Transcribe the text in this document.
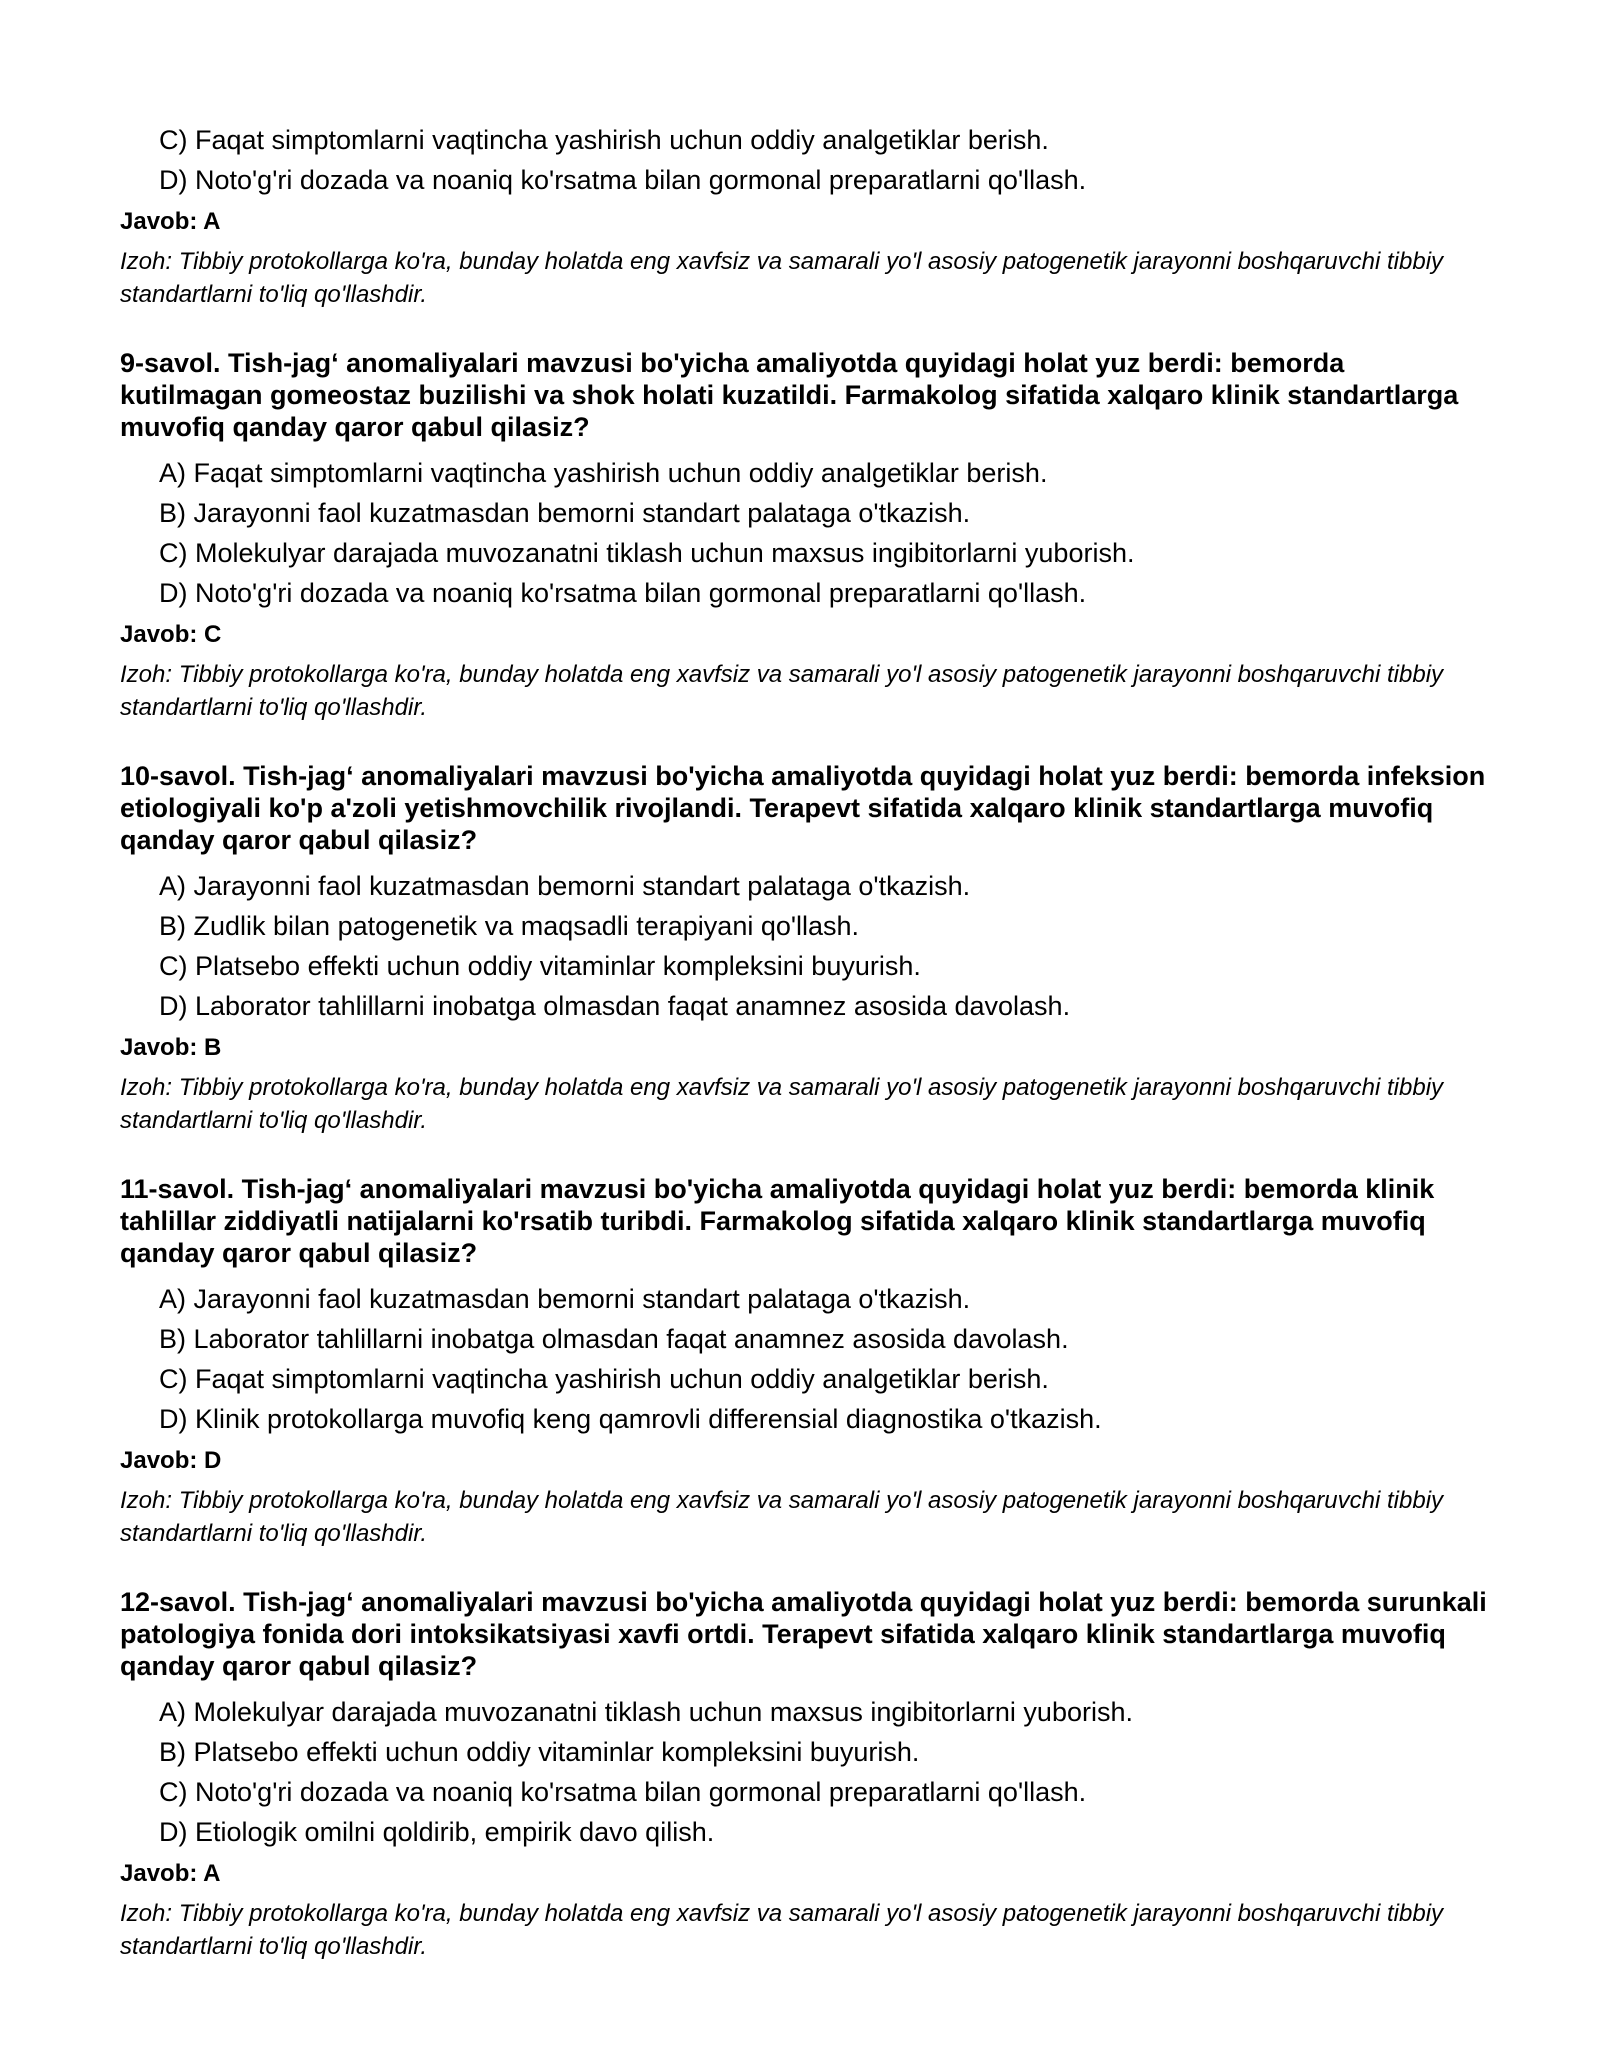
C) Faqat simptomlarni vaqtincha yashirish uchun oddiy analgetiklar berish.
D) Noto'g'ri dozada va noaniq ko'rsatma bilan gormonal preparatlarni qo'llash.
Javob: A
Izoh: Tibbiy protokollarga ko'ra, bunday holatda eng xavfsiz va samarali yo'l asosiy patogenetik jarayonni boshqaruvchi tibbiy standartlarni to'liq qo'llashdir.

9-savol. Tish-jag‘ anomaliyalari mavzusi bo'yicha amaliyotda quyidagi holat yuz berdi: bemorda kutilmagan gomeostaz buzilishi va shok holati kuzatildi. Farmakolog sifatida xalqaro klinik standartlarga muvofiq qanday qaror qabul qilasiz?

A) Faqat simptomlarni vaqtincha yashirish uchun oddiy analgetiklar berish.
B) Jarayonni faol kuzatmasdan bemorni standart palataga o'tkazish.
C) Molekulyar darajada muvozanatni tiklash uchun maxsus ingibitorlarni yuborish.
D) Noto'g'ri dozada va noaniq ko'rsatma bilan gormonal preparatlarni qo'llash.
Javob: C
Izoh: Tibbiy protokollarga ko'ra, bunday holatda eng xavfsiz va samarali yo'l asosiy patogenetik jarayonni boshqaruvchi tibbiy standartlarni to'liq qo'llashdir.

10-savol. Tish-jag‘ anomaliyalari mavzusi bo'yicha amaliyotda quyidagi holat yuz berdi: bemorda infeksion etiologiyali ko'p a'zoli yetishmovchilik rivojlandi. Terapevt sifatida xalqaro klinik standartlarga muvofiq qanday qaror qabul qilasiz?

A) Jarayonni faol kuzatmasdan bemorni standart palataga o'tkazish.
B) Zudlik bilan patogenetik va maqsadli terapiyani qo'llash.
C) Platsebo effekti uchun oddiy vitaminlar kompleksini buyurish.
D) Laborator tahlillarni inobatga olmasdan faqat anamnez asosida davolash.
Javob: B
Izoh: Tibbiy protokollarga ko'ra, bunday holatda eng xavfsiz va samarali yo'l asosiy patogenetik jarayonni boshqaruvchi tibbiy standartlarni to'liq qo'llashdir.

11-savol. Tish-jag‘ anomaliyalari mavzusi bo'yicha amaliyotda quyidagi holat yuz berdi: bemorda klinik tahlillar ziddiyatli natijalarni ko'rsatib turibdi. Farmakolog sifatida xalqaro klinik standartlarga muvofiq qanday qaror qabul qilasiz?

A) Jarayonni faol kuzatmasdan bemorni standart palataga o'tkazish.
B) Laborator tahlillarni inobatga olmasdan faqat anamnez asosida davolash.
C) Faqat simptomlarni vaqtincha yashirish uchun oddiy analgetiklar berish.
D) Klinik protokollarga muvofiq keng qamrovli differensial diagnostika o'tkazish.
Javob: D
Izoh: Tibbiy protokollarga ko'ra, bunday holatda eng xavfsiz va samarali yo'l asosiy patogenetik jarayonni boshqaruvchi tibbiy standartlarni to'liq qo'llashdir.

12-savol. Tish-jag‘ anomaliyalari mavzusi bo'yicha amaliyotda quyidagi holat yuz berdi: bemorda surunkali patologiya fonida dori intoksikatsiyasi xavfi ortdi. Terapevt sifatida xalqaro klinik standartlarga muvofiq qanday qaror qabul qilasiz?

A) Molekulyar darajada muvozanatni tiklash uchun maxsus ingibitorlarni yuborish.
B) Platsebo effekti uchun oddiy vitaminlar kompleksini buyurish.
C) Noto'g'ri dozada va noaniq ko'rsatma bilan gormonal preparatlarni qo'llash.
D) Etiologik omilni qoldirib, empirik davo qilish.
Javob: A
Izoh: Tibbiy protokollarga ko'ra, bunday holatda eng xavfsiz va samarali yo'l asosiy patogenetik jarayonni boshqaruvchi tibbiy standartlarni to'liq qo'llashdir.
